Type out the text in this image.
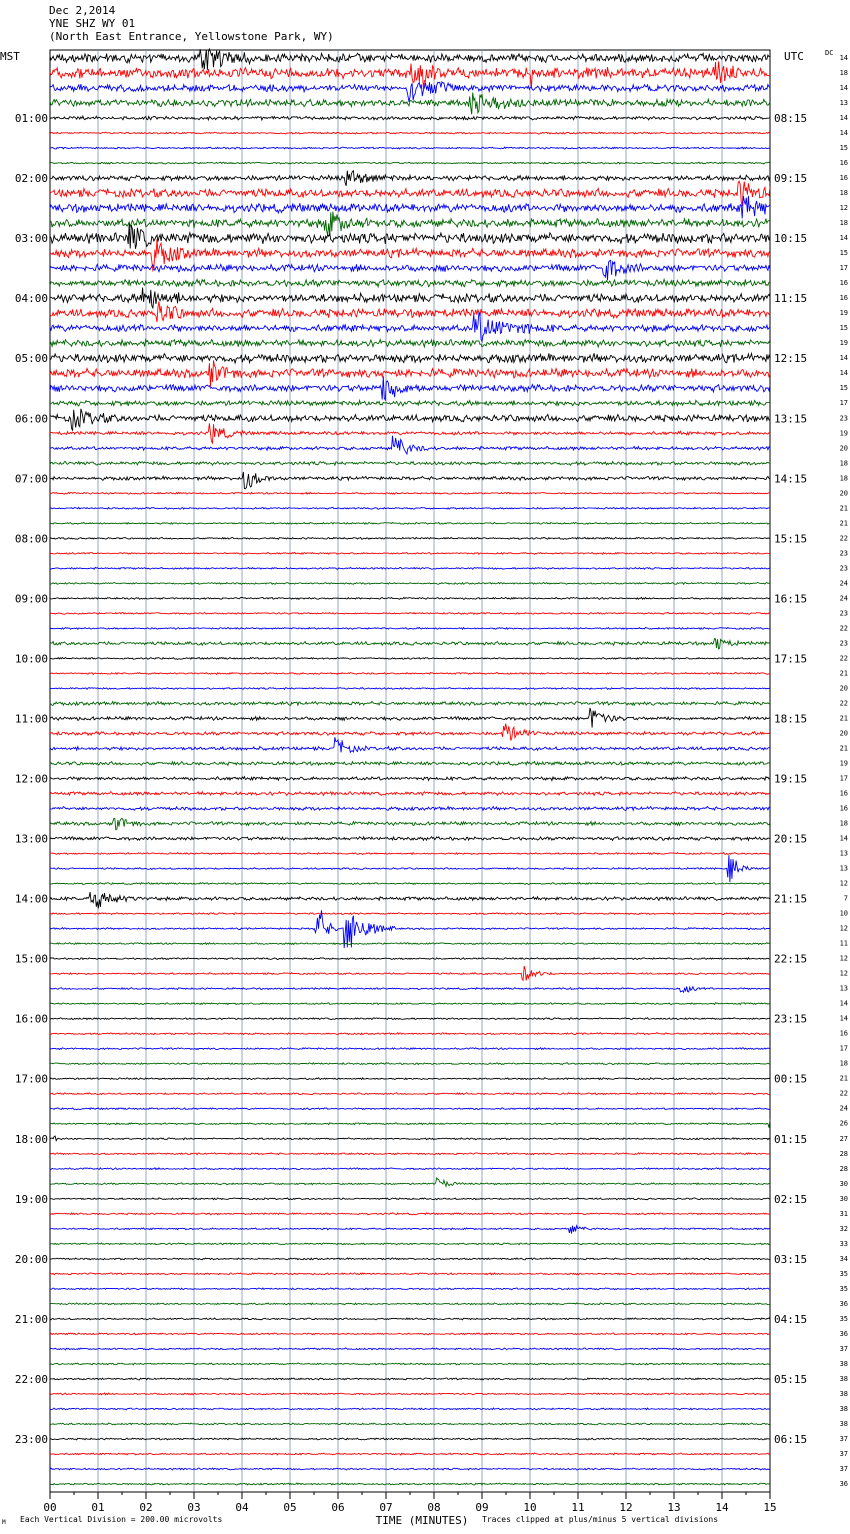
Dec 2,2014
YNE SHZ WY 01
(North East Entrance, Yellowstone Park, WY)
MST	UTC	DC
00	01	02	03	04	05	06	07	08	09	10	11	12	13	14	15
TIME (MINUTES)
14
18
14
13
14
14
15
16
16
18
12
18
14
15
17
16
16
19
15
19
14
14
15
17
23
19
20
18
18
20
21
21
22
23
23
24
24
23
22
23
22
21
20
22
21
20
21
19
17
16
16
18
14
13
13
12
7
10
12
11
12
12
13
14
14
16
17
18
21
22
24
26
27
28
28
30
30
31
32
33
34
35
35
36
35
36
37
38
38
38
38
38
37
37
37
36
01:00
02:00
03:00
04:00
05:00
06:00
07:00
08:00
09:00
10:00
11:00
12:00
13:00
14:00
15:00
16:00
17:00
18:00
19:00
20:00
21:00
22:00
23:00
08:15
09:15
10:15
11:15
12:15
13:15
14:15
15:15
16:15
17:15
18:15
19:15
20:15
21:15
22:15
23:15
00:15
01:15
02:15
03:15
04:15
05:15
06:15
M Each Vertical Division = 200.00 microvolts	Traces clipped at plus/minus 5 vertical divisions
